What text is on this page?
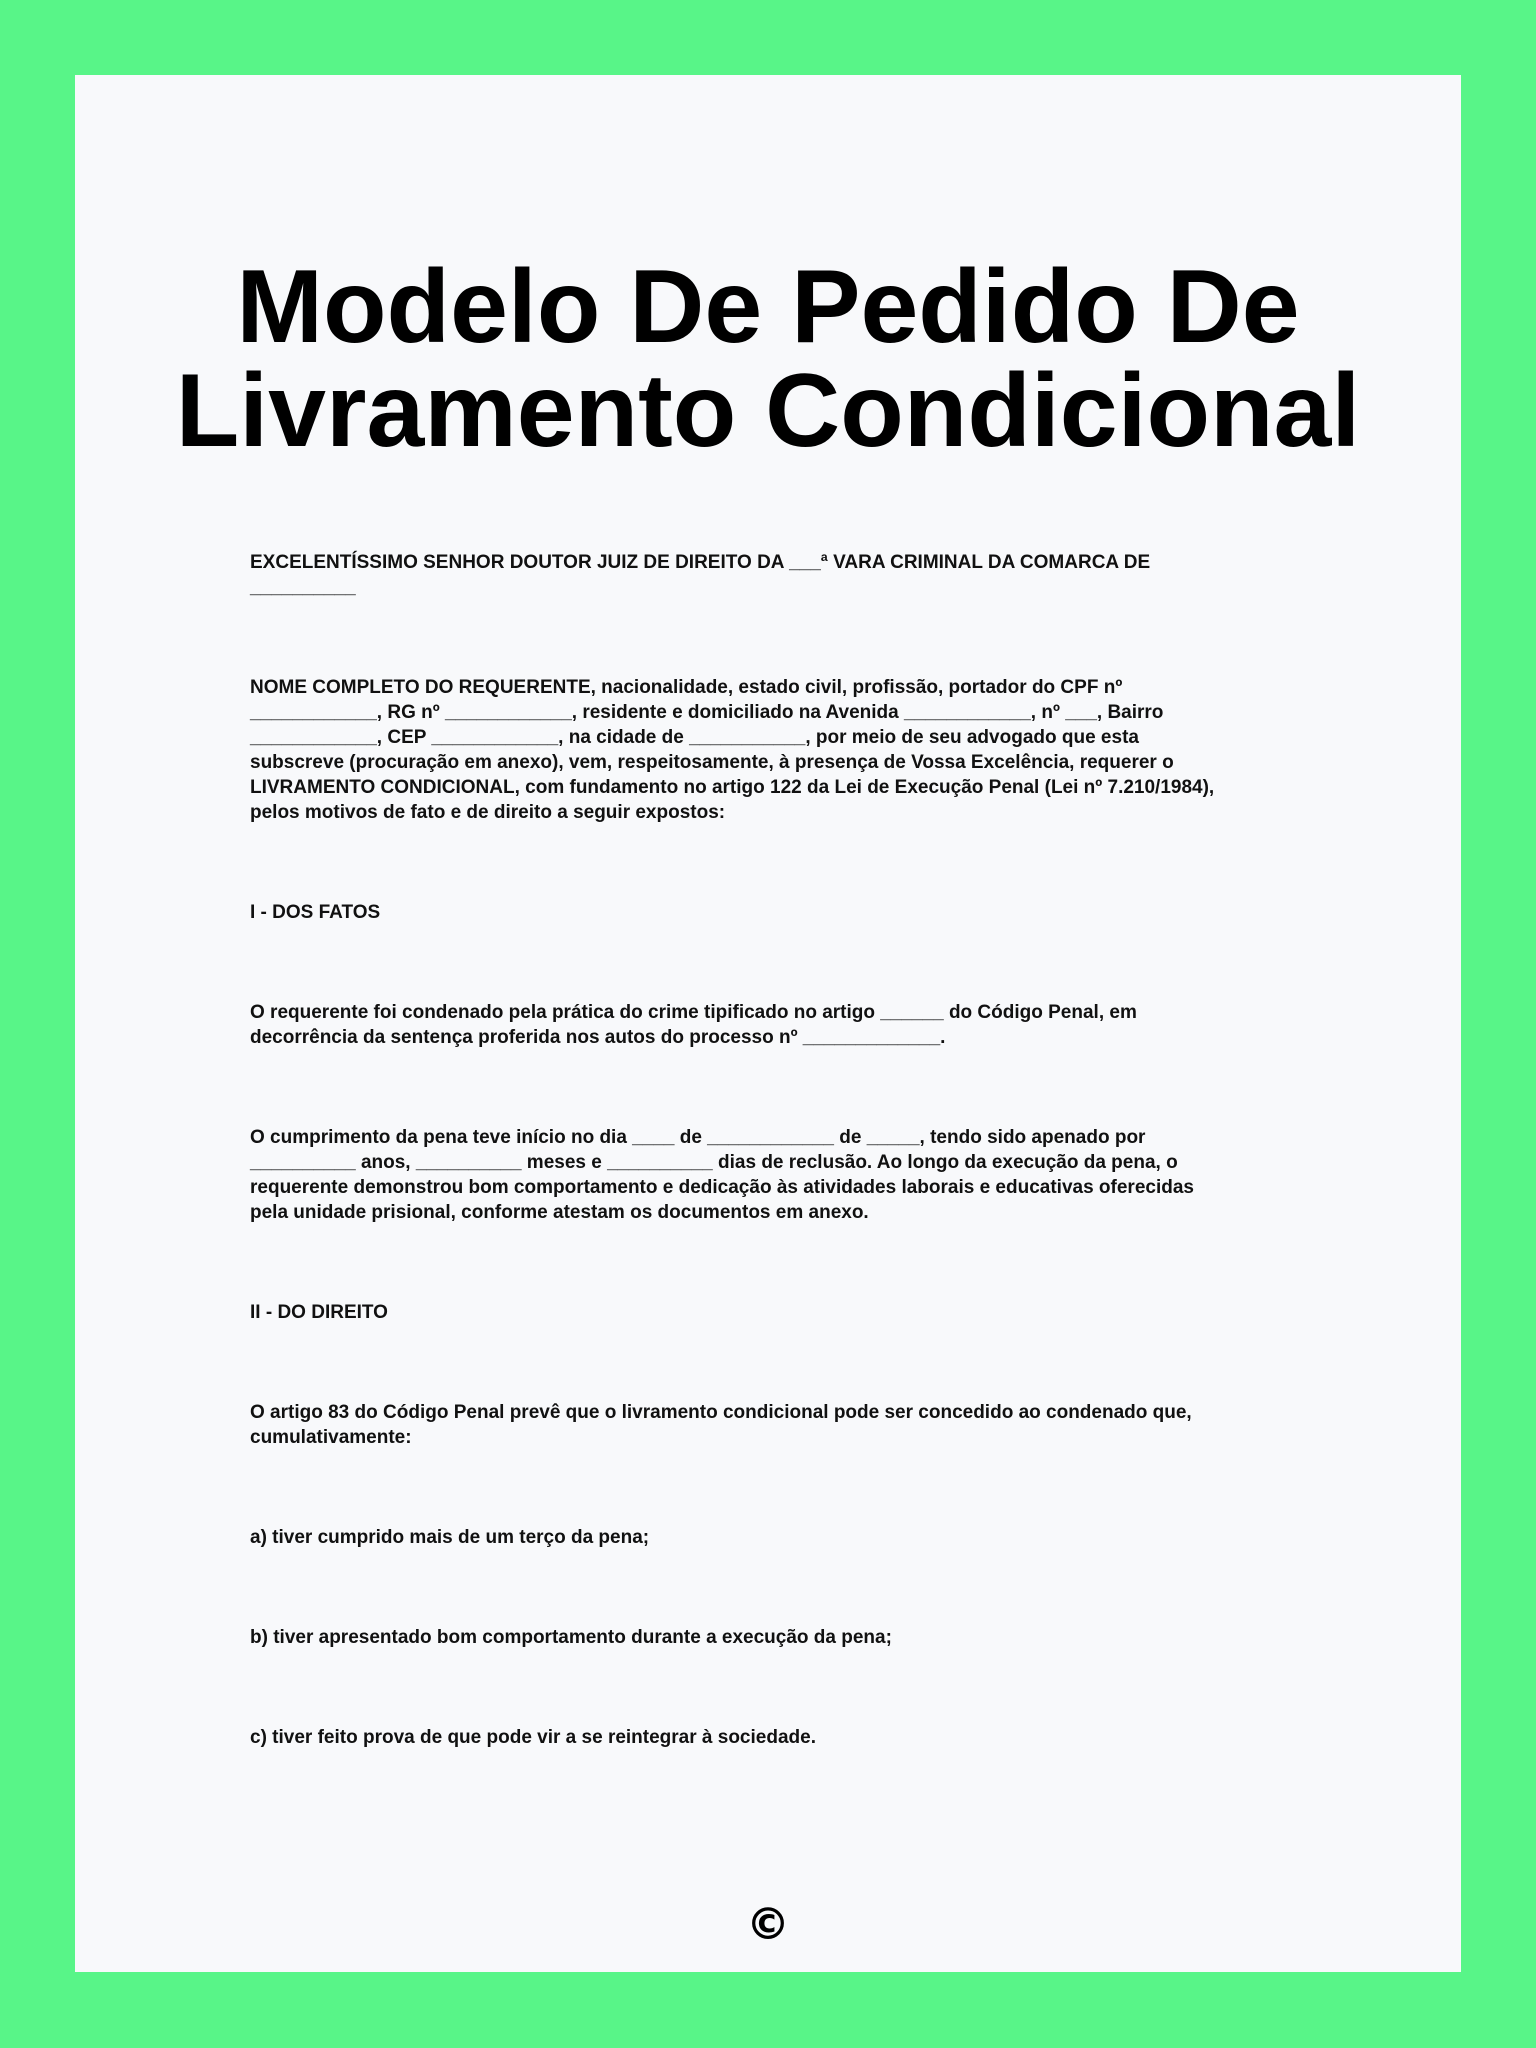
Modelo De Pedido De
Livramento Condicional

EXCELENTÍSSIMO SENHOR DOUTOR JUIZ DE DIREITO DA ___ª VARA CRIMINAL DA COMARCA DE
__________

NOME COMPLETO DO REQUERENTE, nacionalidade, estado civil, profissão, portador do CPF nº
____________, RG nº ____________, residente e domiciliado na Avenida ____________, nº ___, Bairro
____________, CEP ____________, na cidade de ___________, por meio de seu advogado que esta
subscreve (procuração em anexo), vem, respeitosamente, à presença de Vossa Excelência, requerer o
LIVRAMENTO CONDICIONAL, com fundamento no artigo 122 da Lei de Execução Penal (Lei nº 7.210/1984),
pelos motivos de fato e de direito a seguir expostos:

I - DOS FATOS

O requerente foi condenado pela prática do crime tipificado no artigo ______ do Código Penal, em
decorrência da sentença proferida nos autos do processo nº _____________.

O cumprimento da pena teve início no dia ____ de ____________ de _____, tendo sido apenado por
__________ anos, __________ meses e __________ dias de reclusão. Ao longo da execução da pena, o
requerente demonstrou bom comportamento e dedicação às atividades laborais e educativas oferecidas
pela unidade prisional, conforme atestam os documentos em anexo.

II - DO DIREITO

O artigo 83 do Código Penal prevê que o livramento condicional pode ser concedido ao condenado que,
cumulativamente:

a) tiver cumprido mais de um terço da pena;

b) tiver apresentado bom comportamento durante a execução da pena;

c) tiver feito prova de que pode vir a se reintegrar à sociedade.

©
